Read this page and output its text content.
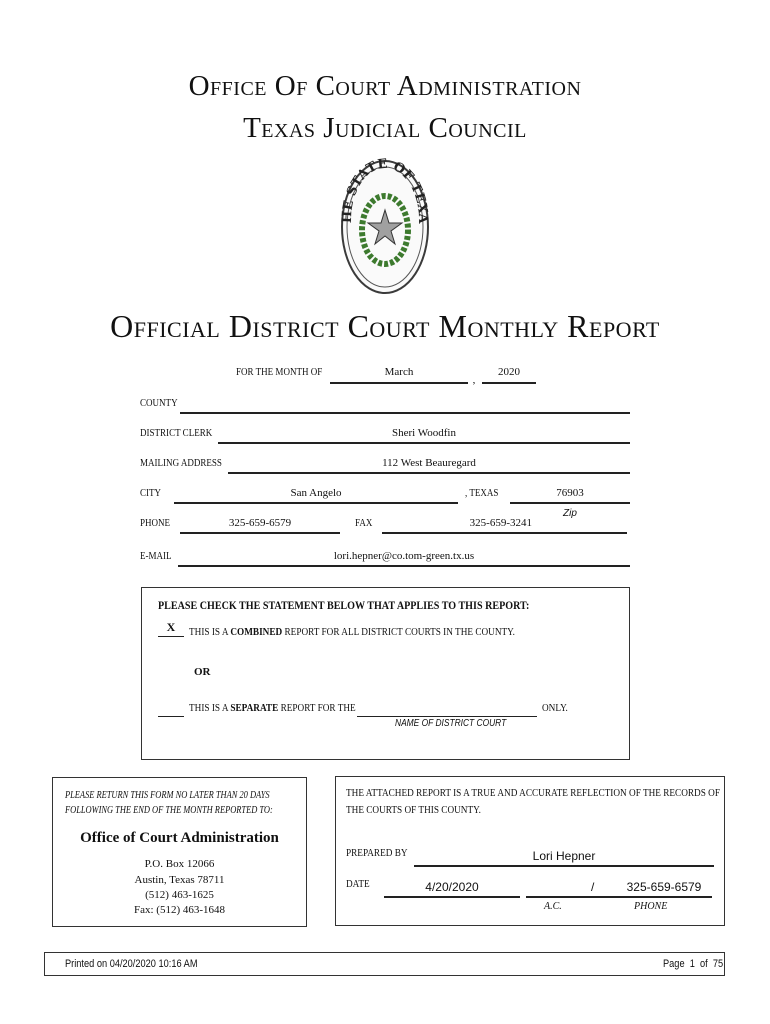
Office Of Court Administration
Texas Judicial Council
HE STATE OF TEXA
Official District Court Monthly Report
FOR THE MONTH OF	March
,
2020
COUNTY
DISTRICT CLERK	Sheri Woodfin
MAILING ADDRESS	112 West Beauregard
CITY	San Angelo	, TEXAS	76903
Zip
PHONE	325-659-6579	FAX	325-659-3241
E-MAIL	lori.hepner@co.tom-green.tx.us
PLEASE CHECK THE STATEMENT BELOW THAT APPLIES TO THIS REPORT:
X	THIS IS A COMBINED REPORT FOR ALL DISTRICT COURTS IN THE COUNTY.
OR
THIS IS A SEPARATE REPORT FOR THE	ONLY.
NAME OF DISTRICT COURT
PLEASE RETURN THIS FORM NO LATER THAN 20 DAYS
FOLLOWING THE END OF THE MONTH REPORTED TO:
Office of Court Administration
P.O. Box 12066
Austin, Texas 78711
(512) 463-1625
Fax: (512) 463-1648
THE ATTACHED REPORT IS A TRUE AND ACCURATE REFLECTION OF THE RECORDS OF
THE COURTS OF THIS COUNTY.
PREPARED BY	Lori Hepner
DATE	4/20/2020	/	325-659-6579
A.C.	PHONE
Printed on 04/20/2020 10:16 AM	Page 1 of 75
